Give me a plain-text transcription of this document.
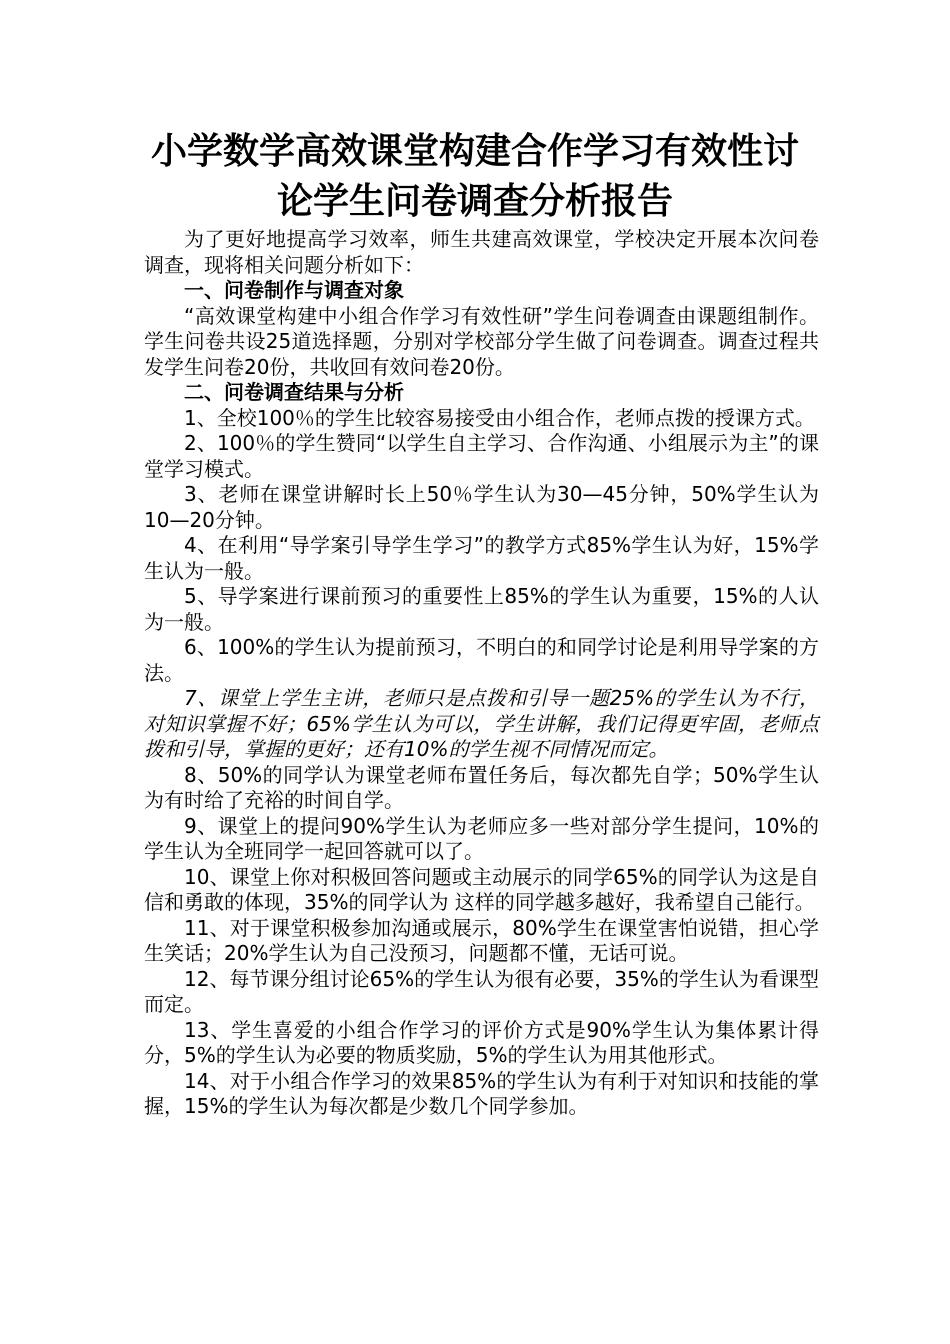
小学数学高效课堂构建合作学习有效性讨
论学生问卷调查分析报告

为了更好地提高学习效率，师生共建高效课堂，学校决定开展本次问卷调查，现将相关问题分析如下：

一、问卷制作与调查对象

“高效课堂构建中小组合作学习有效性研”学生问卷调查由课题组制作。学生问卷共设25道选择题，分别对学校部分学生做了问卷调查。调查过程共发学生问卷20份，共收回有效问卷20份。

二、问卷调查结果与分析

1、全校100％的学生比较容易接受由小组合作，老师点拨的授课方式。

2、100％的学生赞同“以学生自主学习、合作沟通、小组展示为主”的课堂学习模式。

3、老师在课堂讲解时长上50％学生认为30—45分钟，50%学生认为10—20分钟。

4、在利用“导学案引导学生学习”的教学方式85%学生认为好，15%学生认为一般。

5、导学案进行课前预习的重要性上85%的学生认为重要，15%的人认为一般。

6、100%的学生认为提前预习，不明白的和同学讨论是利用导学案的方法。

7、课堂上学生主讲，老师只是点拨和引导一题25%的学生认为不行，对知识掌握不好；65%学生认为可以，学生讲解，我们记得更牢固，老师点拨和引导，掌握的更好；还有10%的学生视不同情况而定。

8、50%的同学认为课堂老师布置任务后，每次都先自学；50%学生认为有时给了充裕的时间自学。

9、课堂上的提问90%学生认为老师应多一些对部分学生提问，10%的学生认为全班同学一起回答就可以了。

10、课堂上你对积极回答问题或主动展示的同学65%的同学认为这是自信和勇敢的体现，35%的同学认为 这样的同学越多越好，我希望自己能行。

11、对于课堂积极参加沟通或展示，80%学生在课堂害怕说错，担心学生笑话；20%学生认为自己没预习，问题都不懂，无话可说。

12、每节课分组讨论65%的学生认为很有必要，35%的学生认为看课型而定。

13、学生喜爱的小组合作学习的评价方式是90%学生认为集体累计得分，5%的学生认为必要的物质奖励，5%的学生认为用其他形式。

14、对于小组合作学习的效果85%的学生认为有利于对知识和技能的掌握，15%的学生认为每次都是少数几个同学参加。
